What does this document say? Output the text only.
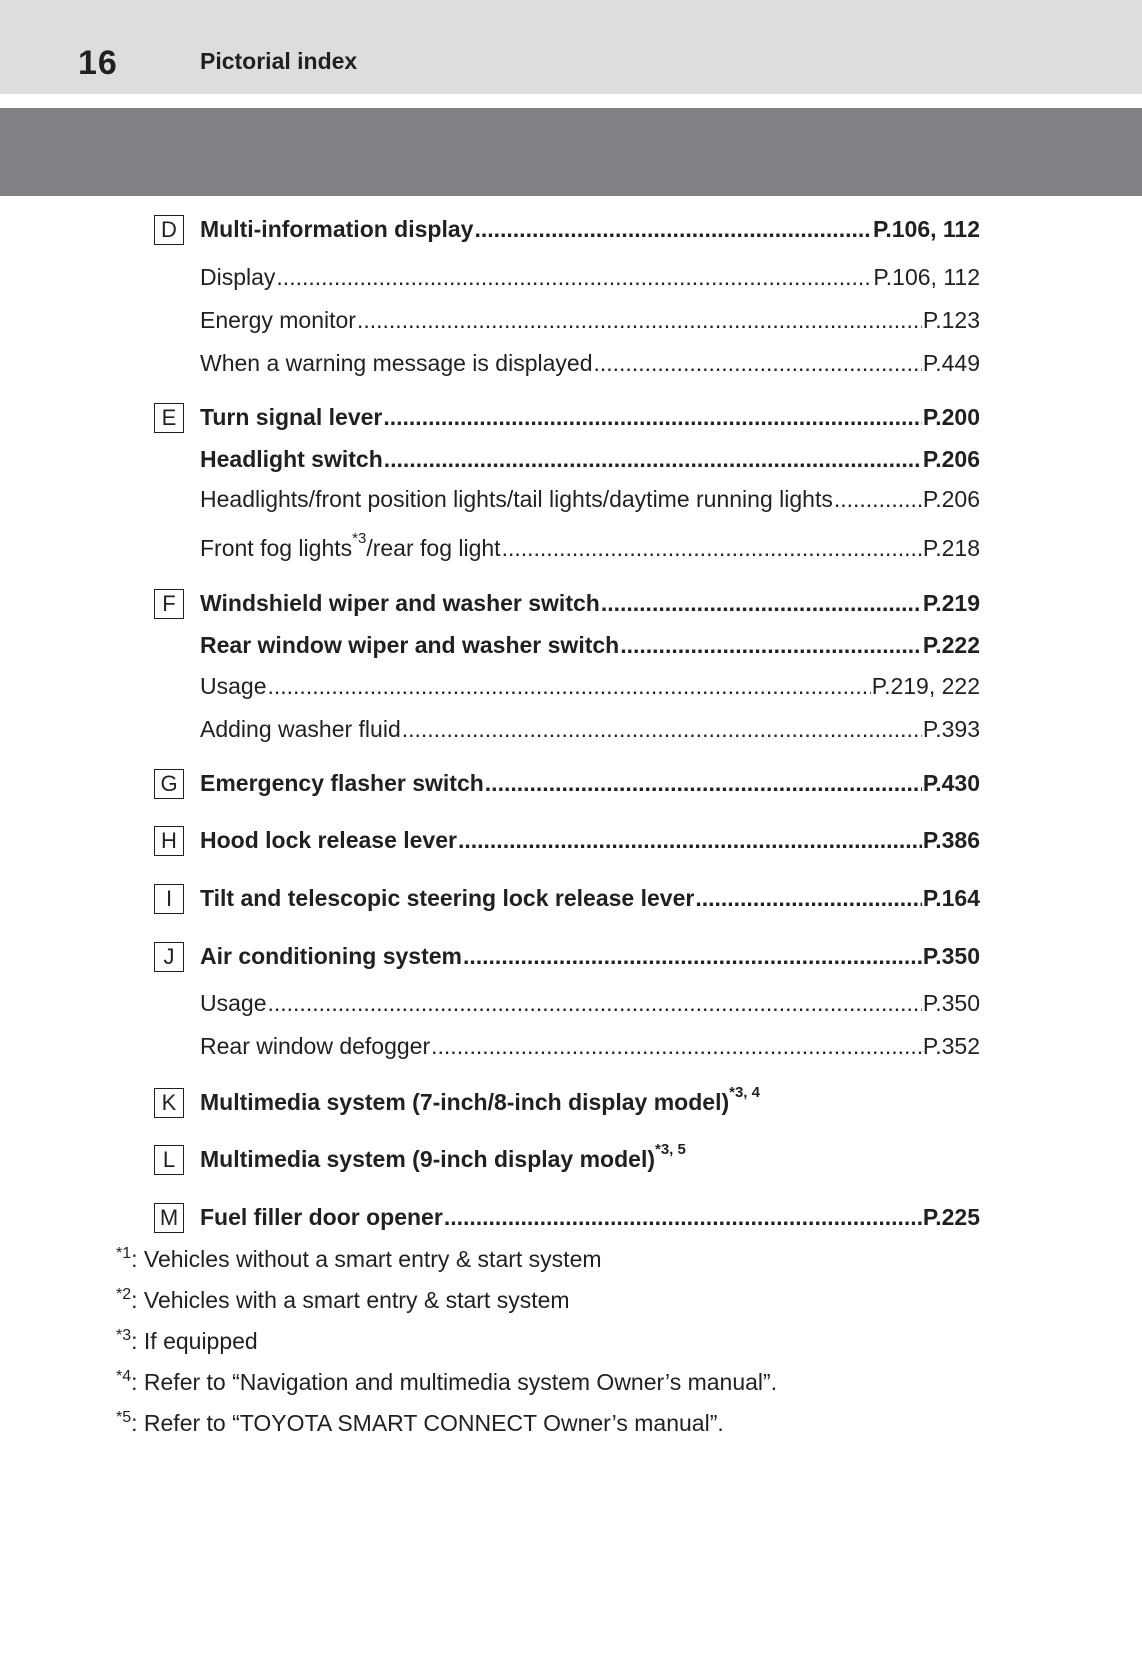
16	Pictorial index
D	Multi-information display .....	P.106, 112
Display .....	P.106, 112
Energy monitor .....	P.123
When a warning message is displayed .....	P.449
E	Turn signal lever .....	P.200
Headlight switch .....	P.206
Headlights/front position lights/tail lights/daytime running lights .....	P.206
Front fog lights$^{*3}$/rear fog light .....	P.218
F	Windshield wiper and washer switch .....	P.219
Rear window wiper and washer switch .....	P.222
Usage .....	P.219, 222
Adding washer fluid .....	P.393
G Emergency flasher switch .....	P.430
H	Hood lock release lever .....	P.386
I	Tilt and telescopic steering lock release lever .....	P.164
J	Air conditioning system .....	P.350
Usage .....	P.350
Rear window defogger .....	P.352
K	Multimedia system (7-inch/8-inch display model)$^{*3, 4}$
L	Multimedia system (9-inch display model)$^{*3, 5}$
M Fuel filler door opener .....	P.225
$^{*1}$: Vehicles without a smart entry & start system
$^{*2}$: Vehicles with a smart entry & start system
$^{*3}$: If equipped
$^{*4}$: Refer to “Navigation and multimedia system Owner’s manual”.
$^{*5}$: Refer to “TOYOTA SMART CONNECT Owner’s manual”.
